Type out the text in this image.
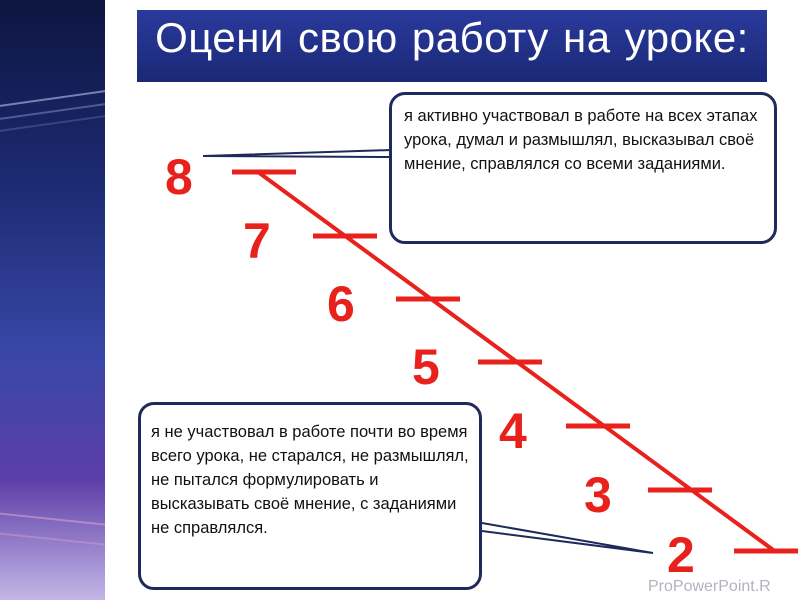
Оцени свою работу на уроке:
8
7
6
5
4
3
2
я активно участвовал в работе на всех этапах урока, думал и размышлял, высказывал своё мнение, справлялся со всеми заданиями.
я не участвовал в работе почти во время всего урока, не старался, не размышлял, не пытался формулировать и высказывать своё мнение, с заданиями не справлялся.
ProPowerPoint.R
